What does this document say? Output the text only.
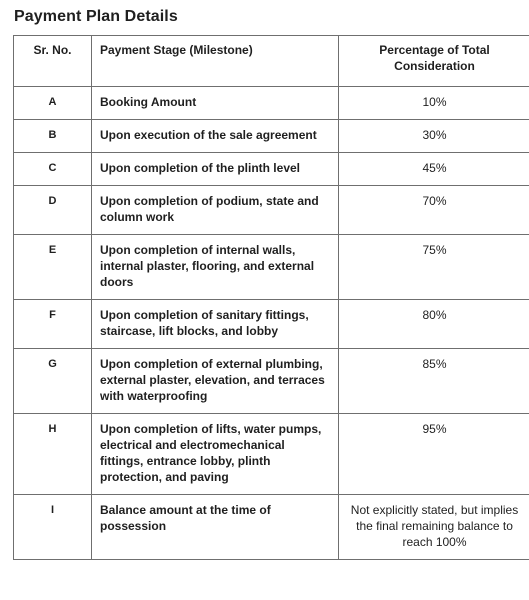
Payment Plan Details
Sr. No.	Payment Stage (Milestone)	Percentage of Total Consideration
A	Booking Amount	10%
B	Upon execution of the sale agreement	30%
C	Upon completion of the plinth level	45%
D	Upon completion of podium, state and column work	70%
E	Upon completion of internal walls, internal plaster, flooring, and external doors	75%
F	Upon completion of sanitary fittings, staircase, lift blocks, and lobby	80%
G	Upon completion of external plumbing, external plaster, elevation, and terraces with waterproofing	85%
H	Upon completion of lifts, water pumps, electrical and electromechanical fittings, entrance lobby, plinth protection, and paving	95%
I	Balance amount at the time of possession	Not explicitly stated, but implies the final remaining balance to reach 100%
